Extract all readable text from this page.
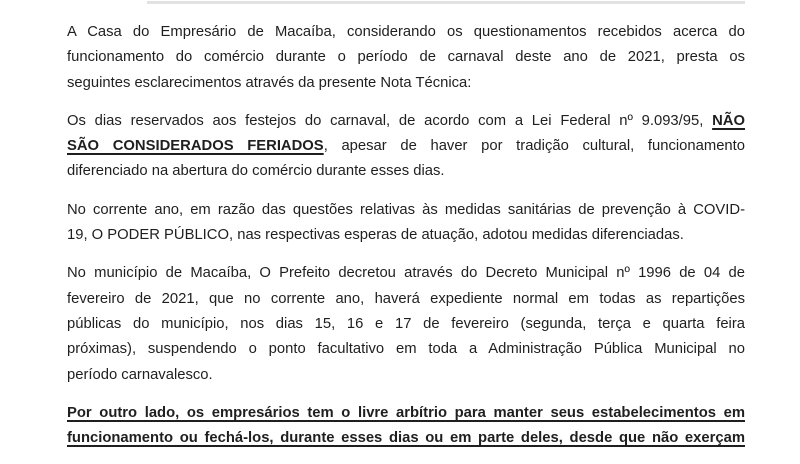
A Casa do Empresário de Macaíba, considerando os questionamentos recebidos acerca do
funcionamento do comércio durante o período de carnaval deste ano de 2021, presta os
seguintes esclarecimentos através da presente Nota Técnica:
Os dias reservados aos festejos do carnaval, de acordo com a Lei Federal nº 9.093/95, NÃO
SÃO CONSIDERADOS FERIADOS, apesar de haver por tradição cultural, funcionamento
diferenciado na abertura do comércio durante esses dias.
No corrente ano, em razão das questões relativas às medidas sanitárias de prevenção à COVID-
19, O PODER PÚBLICO, nas respectivas esperas de atuação, adotou medidas diferenciadas.
No município de Macaíba, O Prefeito decretou através do Decreto Municipal nº 1996 de 04 de
fevereiro de 2021, que no corrente ano, haverá expediente normal em todas as repartições
públicas do município, nos dias 15, 16 e 17 de fevereiro (segunda, terça e quarta feira
próximas), suspendendo o ponto facultativo em toda a Administração Pública Municipal no
período carnavalesco.
Por outro lado, os empresários tem o livre arbítrio para manter seus estabelecimentos em
funcionamento ou fechá-los, durante esses dias ou em parte deles, desde que não exerçam
